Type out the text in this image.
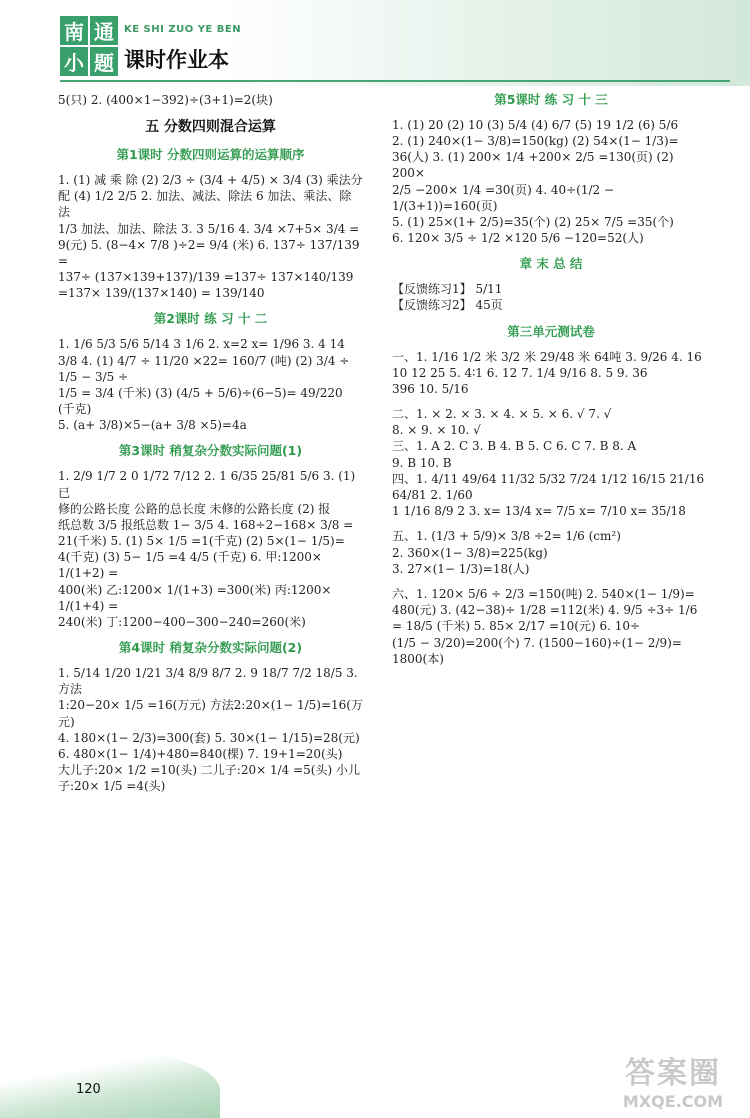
南 通
小 题
KE SHI ZUO YE BEN
课时作业本

5(只) 2. (400×1−392)÷(3+1)=2(块)

五 分数四则混合运算
第1课时 分数四则运算的运算顺序

1. (1) 减 乘 除 (2) 2/3 ÷ (3/4 + 4/5) × 3/4 (3) 乘法分

配 (4) 1/2 2/5 2. 加法、减法、除法 6 加法、乘法、除法

1/3 加法、加法、除法 3. 3 5/16 4. 3/4 ×7+5× 3/4 =

9(元) 5. (8−4× 7/8 )÷2= 9/4 (米) 6. 137÷ 137/139 =

137÷ (137×139+137)/139 =137÷ 137×140/139 =137× 139/(137×140) = 139/140

第2课时 练 习 十 二

1. 1/6 5/3 5/6 5/14 3 1/6 2. x=2 x= 1/96 3. 4 14

3/8 4. (1) 4/7 ÷ 11/20 ×22= 160/7 (吨) (2) 3/4 ÷ 1/5 − 3/5 ÷

1/5 = 3/4 (千米) (3) (4/5 + 5/6)÷(6−5)= 49/220 (千克)

5. (a+ 3/8)×5−(a+ 3/8 ×5)=4a

第3课时 稍复杂分数实际问题(1)

1. 2/9 1/7 2 0 1/72 7/12 2. 1 6/35 25/81 5/6 3. (1) 已

修的公路长度 公路的总长度 未修的公路长度 (2) 报

纸总数 3/5 报纸总数 1− 3/5 4. 168÷2−168× 3/8 =

21(千米) 5. (1) 5× 1/5 =1(千克) (2) 5×(1− 1/5)=

4(千克) (3) 5− 1/5 =4 4/5 (千克) 6. 甲:1200× 1/(1+2) =

400(米) 乙:1200× 1/(1+3) =300(米) 丙:1200× 1/(1+4) =

240(米) 丁:1200−400−300−240=260(米)

第4课时 稍复杂分数实际问题(2)

1. 5/14 1/20 1/21 3/4 8/9 8/7 2. 9 18/7 7/2 18/5 3. 方法

1:20−20× 1/5 =16(万元) 方法2:20×(1− 1/5)=16(万元)

4. 180×(1− 2/3)=300(套) 5. 30×(1− 1/15)=28(元)

6. 480×(1− 1/4)+480=840(棵) 7. 19+1=20(头)

大儿子:20× 1/2 =10(头) 二儿子:20× 1/4 =5(头) 小儿

子:20× 1/5 =4(头)

第5课时 练 习 十 三

1. (1) 20 (2) 10 (3) 5/4 (4) 6/7 (5) 19 1/2 (6) 5/6

2. (1) 240×(1− 3/8)=150(kg) (2) 54×(1− 1/3)=

36(人) 3. (1) 200× 1/4 +200× 2/5 =130(页) (2) 200×

2/5 −200× 1/4 =30(页) 4. 40÷(1/2 − 1/(3+1))=160(页)

5. (1) 25×(1+ 2/5)=35(个) (2) 25× 7/5 =35(个)

6. 120× 3/5 ÷ 1/2 ×120 5/6 −120=52(人)

章 末 总 结

【反馈练习1】 5/11

【反馈练习2】 45页

第三单元测试卷

一、1. 1/16 1/2 米 3/2 米 29/48 米 64吨 3. 9/26 4. 16

10 12 25 5. 4∶1 6. 12 7. 1/4 9/16 8. 5 9. 36

396 10. 5/16

二、1. × 2. × 3. × 4. × 5. × 6. √ 7. √

8. × 9. × 10. √

三、1. A 2. C 3. B 4. B 5. C 6. C 7. B 8. A

9. B 10. B

四、1. 4/11 49/64 11/32 5/32 7/24 1/12 16/15 21/16 64/81 2. 1/60

1 1/16 8/9 2 3. x= 13/4 x= 7/5 x= 7/10 x= 35/18

五、1. (1/3 + 5/9)× 3/8 ÷2= 1/6 (cm²)

2. 360×(1− 3/8)=225(kg)

3. 27×(1− 1/3)=18(人)

六、1. 120× 5/6 ÷ 2/3 =150(吨) 2. 540×(1− 1/9)=

480(元) 3. (42−38)÷ 1/28 =112(米) 4. 9/5 ÷3÷ 1/6

= 18/5 (千米) 5. 85× 2/17 =10(元) 6. 10÷

(1/5 − 3/20)=200(个) 7. (1500−160)÷(1− 2/9)=

1800(本)

120	答案圈
MXQE.COM
